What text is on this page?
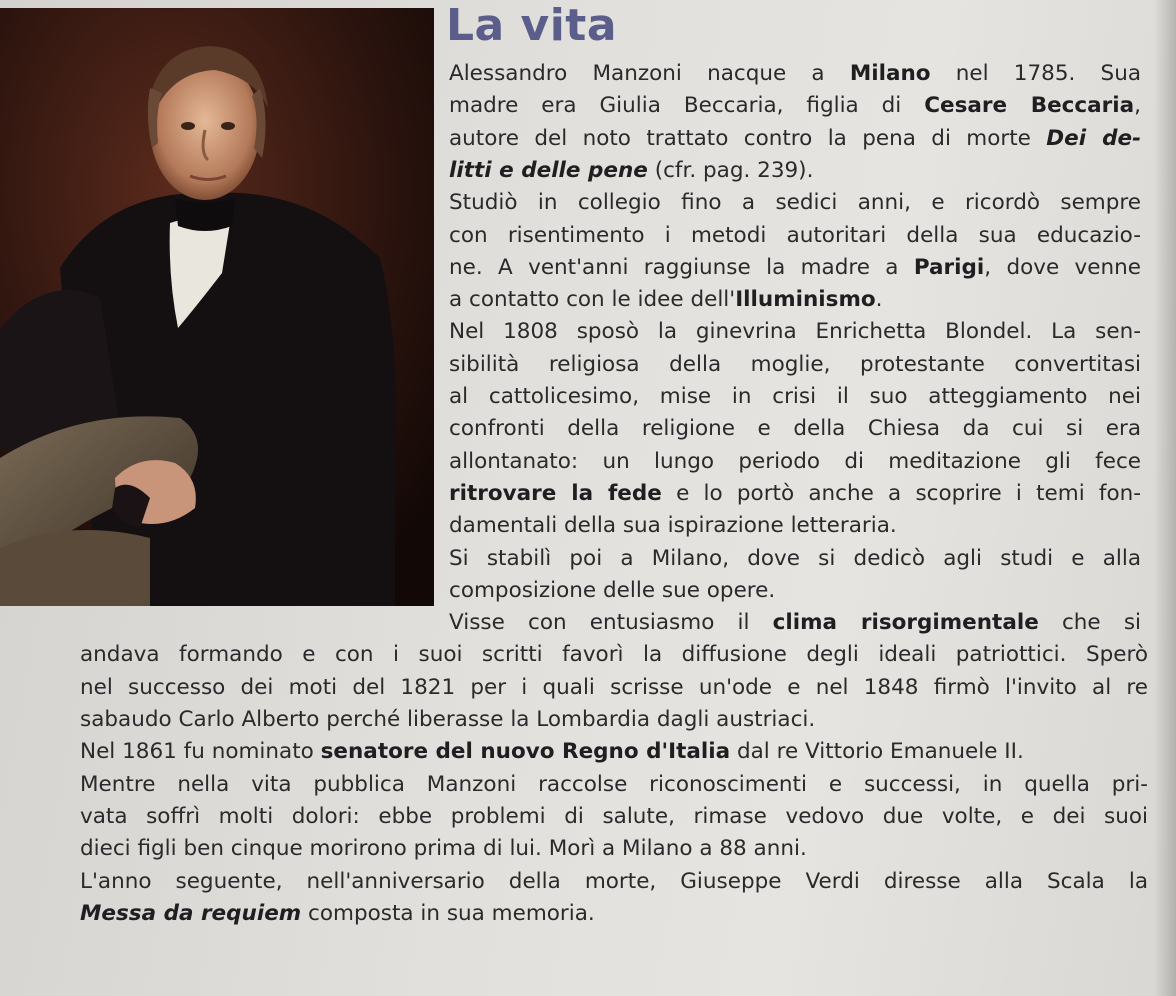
La vita

Alessandro Manzoni nacque a Milano nel 1785. Sua

madre era Giulia Beccaria, figlia di Cesare Beccaria,

autore del noto trattato contro la pena di morte Dei de-

litti e delle pene (cfr. pag. 239).

Studiò in collegio fino a sedici anni, e ricordò sempre

con risentimento i metodi autoritari della sua educazio-

ne. A vent'anni raggiunse la madre a Parigi, dove venne

a contatto con le idee dell'Illuminismo.

Nel 1808 sposò la ginevrina Enrichetta Blondel. La sen-

sibilità religiosa della moglie, protestante convertitasi

al cattolicesimo, mise in crisi il suo atteggiamento nei

confronti della religione e della Chiesa da cui si era

allontanato: un lungo periodo di meditazione gli fece

ritrovare la fede e lo portò anche a scoprire i temi fon-

damentali della sua ispirazione letteraria.

Si stabilì poi a Milano, dove si dedicò agli studi e alla

composizione delle sue opere.

Visse con entusiasmo il clima risorgimentale che si

andava formando e con i suoi scritti favorì la diffusione degli ideali patriottici. Sperò

nel successo dei moti del 1821 per i quali scrisse un'ode e nel 1848 firmò l'invito al re

sabaudo Carlo Alberto perché liberasse la Lombardia dagli austriaci.

Nel 1861 fu nominato senatore del nuovo Regno d'Italia dal re Vittorio Emanuele II.

Mentre nella vita pubblica Manzoni raccolse riconoscimenti e successi, in quella pri-

vata soffrì molti dolori: ebbe problemi di salute, rimase vedovo due volte, e dei suoi

dieci figli ben cinque morirono prima di lui. Morì a Milano a 88 anni.

L'anno seguente, nell'anniversario della morte, Giuseppe Verdi diresse alla Scala la

Messa da requiem composta in sua memoria.
